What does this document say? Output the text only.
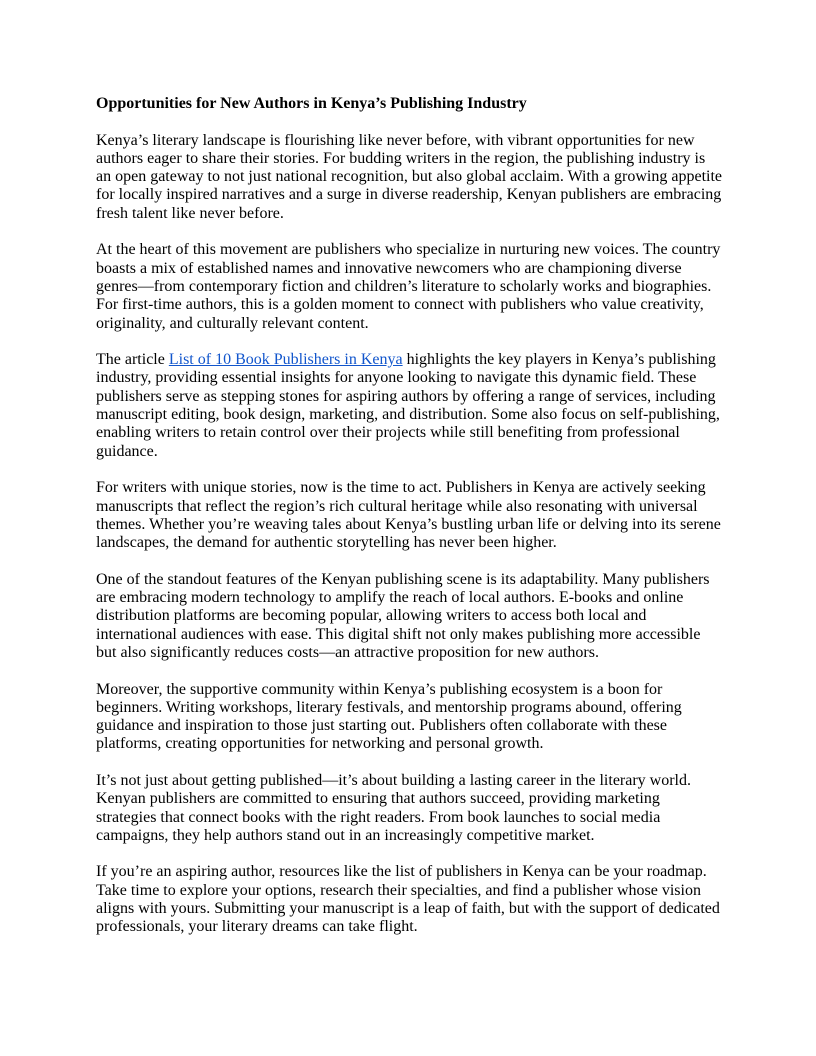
Opportunities for New Authors in Kenya’s Publishing Industry

Kenya’s literary landscape is flourishing like never before, with vibrant opportunities for new authors eager to share their stories. For budding writers in the region, the publishing industry is an open gateway to not just national recognition, but also global acclaim. With a growing appetite for locally inspired narratives and a surge in diverse readership, Kenyan publishers are embracing fresh talent like never before.

At the heart of this movement are publishers who specialize in nurturing new voices. The country boasts a mix of established names and innovative newcomers who are championing diverse genres—from contemporary fiction and children’s literature to scholarly works and biographies. For first-time authors, this is a golden moment to connect with publishers who value creativity, originality, and culturally relevant content.

The article List of 10 Book Publishers in Kenya highlights the key players in Kenya’s publishing industry, providing essential insights for anyone looking to navigate this dynamic field. These publishers serve as stepping stones for aspiring authors by offering a range of services, including manuscript editing, book design, marketing, and distribution. Some also focus on self-publishing, enabling writers to retain control over their projects while still benefiting from professional guidance.

For writers with unique stories, now is the time to act. Publishers in Kenya are actively seeking manuscripts that reflect the region’s rich cultural heritage while also resonating with universal themes. Whether you’re weaving tales about Kenya’s bustling urban life or delving into its serene landscapes, the demand for authentic storytelling has never been higher.

One of the standout features of the Kenyan publishing scene is its adaptability. Many publishers are embracing modern technology to amplify the reach of local authors. E-books and online distribution platforms are becoming popular, allowing writers to access both local and international audiences with ease. This digital shift not only makes publishing more accessible but also significantly reduces costs—an attractive proposition for new authors.

Moreover, the supportive community within Kenya’s publishing ecosystem is a boon for beginners. Writing workshops, literary festivals, and mentorship programs abound, offering guidance and inspiration to those just starting out. Publishers often collaborate with these platforms, creating opportunities for networking and personal growth.

It’s not just about getting published—it’s about building a lasting career in the literary world. Kenyan publishers are committed to ensuring that authors succeed, providing marketing strategies that connect books with the right readers. From book launches to social media campaigns, they help authors stand out in an increasingly competitive market.

If you’re an aspiring author, resources like the list of publishers in Kenya can be your roadmap. Take time to explore your options, research their specialties, and find a publisher whose vision aligns with yours. Submitting your manuscript is a leap of faith, but with the support of dedicated professionals, your literary dreams can take flight.
